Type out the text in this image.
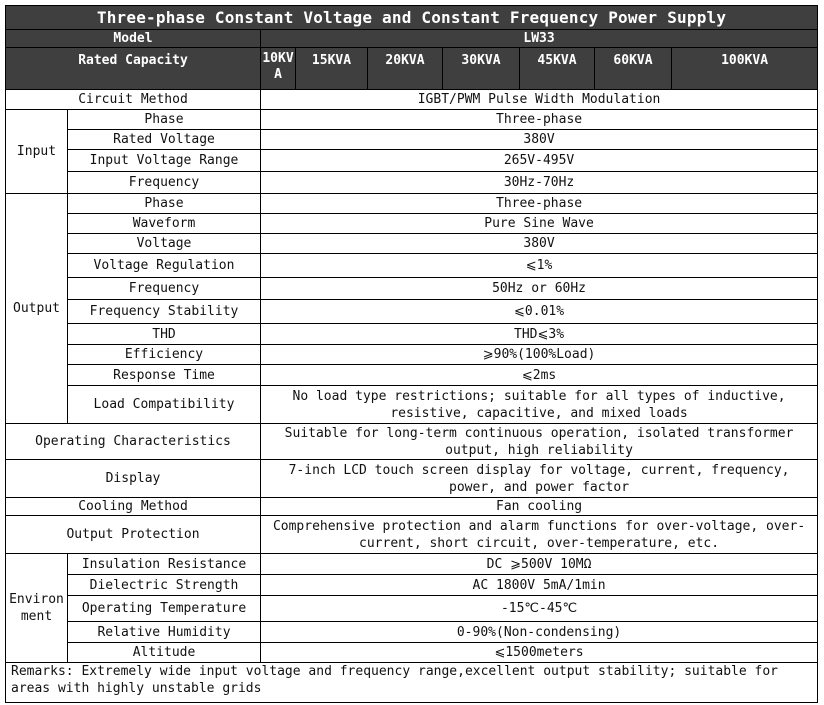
Three-phase Constant Voltage and Constant Frequency Power Supply								
Model		LW33						
Rated Capacity		10KVA	15KVA	20KVA	30KVA	45KVA	60KVA	100KVA
Circuit Method		IGBT/PWM Pulse Width Modulation						
Input	Phase	Three-phase						
	Rated Voltage	380V						
	Input Voltage Range	265V-495V						
	Frequency	30Hz-70Hz						
Output	Phase	Three-phase						
	Waveform	Pure Sine Wave						
	Voltage	380V						
	Voltage Regulation	⩽1%						
	Frequency	50Hz or 60Hz						
	Frequency Stability	⩽0.01%						
	THD	THD⩽3%						
	Efficiency	⩾90%(100%Load)						
	Response Time	⩽2ms						
	Load Compatibility	No load type restrictions; suitable for all types of inductive, resistive, capacitive, and mixed loads						
Operating Characteristics		Suitable for long-term continuous operation, isolated transformer output, high reliability						
Display		7-inch LCD touch screen display for voltage, current, frequency, power, and power factor						
Cooling Method		Fan cooling						
Output Protection		Comprehensive protection and alarm functions for over-voltage, over-current, short circuit, over-temperature, etc.						
Environment	Insulation Resistance	DC ⩾500V 10MΩ						
	Dielectric Strength	AC 1800V 5mA/1min						
	Operating Temperature	-15℃-45℃						
	Relative Humidity	0-90%(Non-condensing)						
	Altitude	⩽1500meters						
Remarks: Extremely wide input voltage and frequency range,excellent output stability; suitable for areas with highly unstable grids								
